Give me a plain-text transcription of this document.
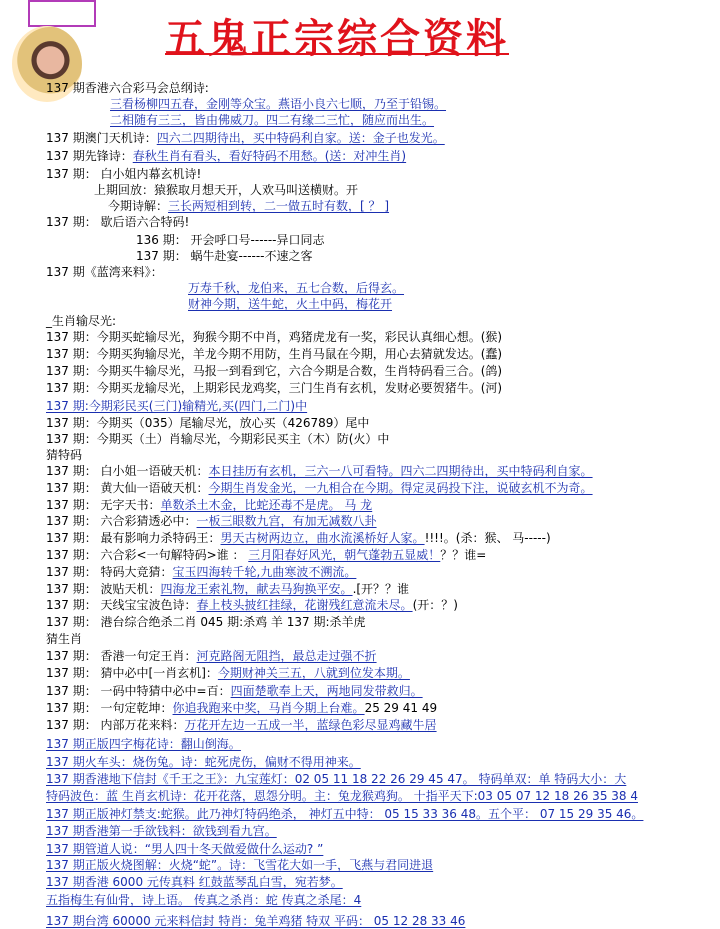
五鬼正宗综合资料
137 期香港六合彩马会总纲诗:
三看杨柳四五春，金刚等众宝。燕语小良六七顺，乃至于铅锡。
二相随有三三，皆由佛威刀。四二有缘二三忙，随应而出生。
137 期澳门天机诗：四六二四期待出，买中特码利自家。送：金子也发光。
137 期先锋诗：春秋生肖有看头，看好特码不用愁。(送：对冲生肖)
137 期： 白小姐内幕玄机诗!
上期回放：猿猴取月想天开，人欢马叫送横财。开
今期诗解：三长两短相到转，二一做五时有数，[ ？ ]
137 期： 歇后语六合特码!
136 期： 开会呼口号------异口同志
137 期： 蜗牛赴宴------不速之客
137 期《蓝湾来料》：
万寿千秋，龙伯来，五七合数，后得玄。
财神今期，送牛蛇，火土中码，梅花开
_生肖输尽光:
137 期：今期买蛇输尽光，狗猴今期不中肖，鸡猪虎龙有一奖，彩民认真细心想。(猴)
137 期：今期买狗输尽光，羊龙今期不用防，生肖马鼠在今期，用心去猜就发达。(蠢)
137 期：今期买牛输尽光，马报一到看到它，六合今期是合数，生肖特码看三合。(鸽)
137 期：今期买龙输尽光，上期彩民龙鸡奖，三门生肖有玄机，发财必要贺猪牛。(河)
137 期:今期彩民买(三门)输精光,买(四门,二门)中
137 期：今期买（035）尾输尽光，放心买（426789）尾中
137 期：今期买（土）肖输尽光，今期彩民买主（木）防(火）中
猜特码
137 期： 白小姐一语破天机：本日挂历有玄机，三六一八可看特。四六二四期待出，买中特码利自家。
137 期： 黄大仙一语破天机：今期生肖发金光，一九相合在今期。得定灵码投下注，说破玄机不为奇。
137 期： 无字天书：单数杀土木金，比蛇还毒不是虎。 马 龙
137 期： 六合彩猜透必中：一板三眼数九宫，有加无减数八卦
137 期： 最有影响力杀特码王：男天古树两边立，曲水流溪桥好人家。!!!!。(杀：猴、 马-----)
137 期： 六合彩<一句解特码>谁 ： 三月阳春好风光，朝气蓬勃五显威！？？谁=
137 期： 特码大竞猜：宝玉四海转千轮,九曲寒波不溯流。
137 期： 波贴天机：四海龙王索礼物，献去马狗换平安。.[开？？谁
137 期： 天线宝宝波色诗：春上枝头披红挂绿，花谢残红意流未尽。(开：？)
137 期： 港台综合绝杀二肖 045 期:杀鸡 羊 137 期:杀羊虎
猜生肖
137 期： 香港一句定王肖：河克路阁无阻挡，最总走过强不折
137 期： 猜中必中[一肖玄机]：今期财神关三五，八就到位发本期。
137 期： 一码中特猜中必中=百：四面楚歌奉上天，两地同发带救归。
137 期： 一句定乾坤：你追我跑来中奖，马肖今期上台难。25 29 41 49
137 期： 内部万花来料：万花开左边一五成一半，蓝绿色彩尽显鸡藏牛居
137 期正版四字梅花诗：翻山倒海。
137 期火车头：烧伤兔。诗：蛇死虎伤，偏财不得用神来。
137 期香港地下信封《千王之王》：九宝莲灯：02 05 11 18 22 26 29 45 47。 特码单双：单 特码大小：大
特码波色：蓝 生肖玄机诗：花开花落，恩怨分明。主：兔龙猴鸡狗。 十指平天下:03 05 07 12 18 26 35 38 4
137 期正版神灯禁支:蛇猴。此乃神灯特码绝杀， 神灯五中特： 05 15 33 36 48。五个平： 07 15 29 35 46。
137 期香港第一手欲钱料：欲钱到看九宫。
137 期管道人说：“男人四十冬天做爱做什么运动? ”
137 期正版火烧图解：火烧“蛇”。诗：飞雪花大如一手，飞燕与君同进退
137 期香港 6000 元传真料 红鼓蓝琴乱白雪，宛若梦。
五指梅生有仙骨，诗上语。 传真之杀肖：蛇 传真之杀尾：4
137 期台湾 60000 元来料信封 特肖：兔羊鸡猪 特双 平码： 05 12 28 33 46
